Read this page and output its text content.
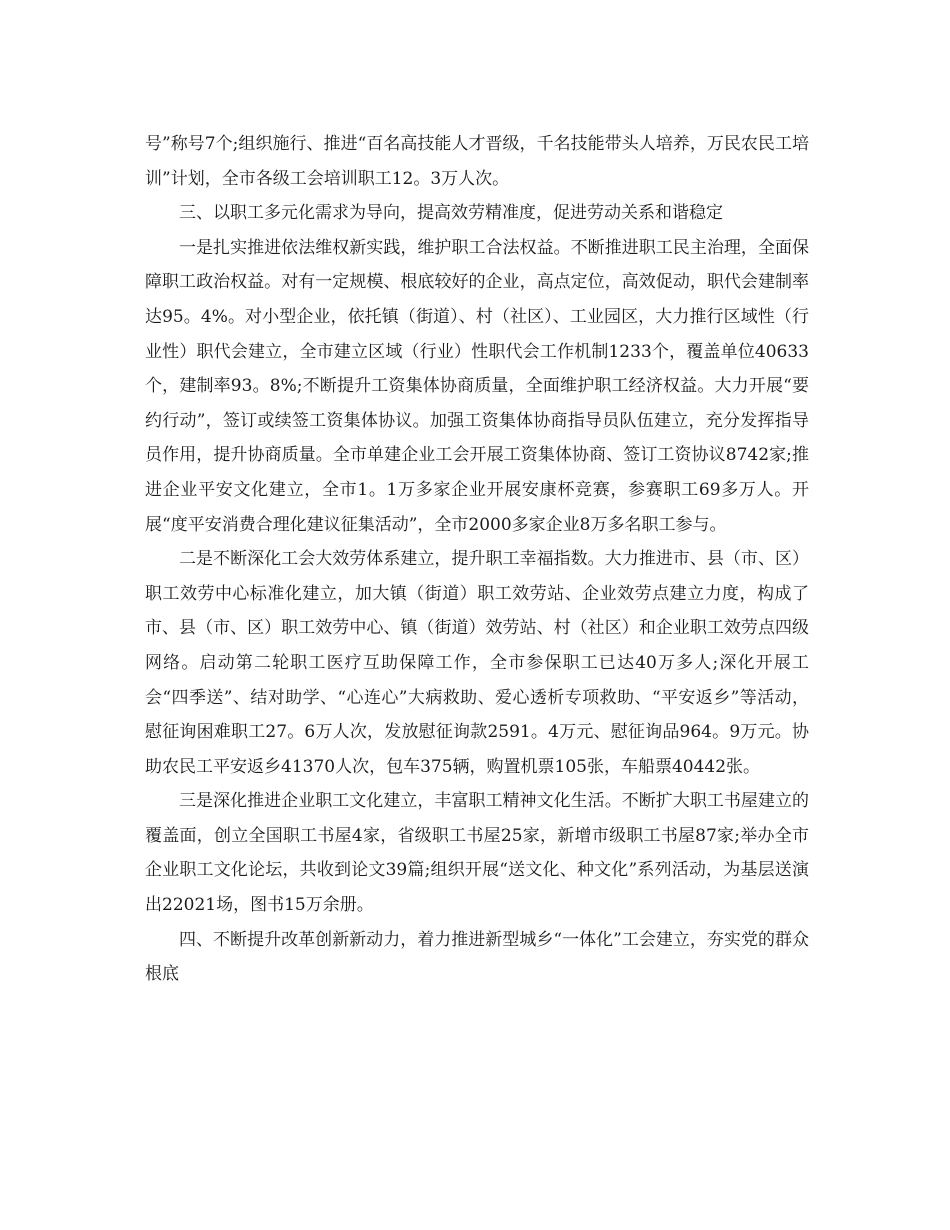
号”称号7个;组织施行、推进“百名高技能人才晋级，千名技能带头人培养，万民农民工培训”计划，全市各级工会培训职工12。3万人次。

三、以职工多元化需求为导向，提高效劳精准度，促进劳动关系和谐稳定

一是扎实推进依法维权新实践，维护职工合法权益。不断推进职工民主治理，全面保障职工政治权益。对有一定规模、根底较好的企业，高点定位，高效促动，职代会建制率达95。4%。对小型企业，依托镇（街道）、村（社区）、工业园区，大力推行区域性（行业性）职代会建立，全市建立区域（行业）性职代会工作机制1233个，覆盖单位40633个，建制率93。8%;不断提升工资集体协商质量，全面维护职工经济权益。大力开展“要约行动”，签订或续签工资集体协议。加强工资集体协商指导员队伍建立，充分发挥指导员作用，提升协商质量。全市单建企业工会开展工资集体协商、签订工资协议8742家;推进企业平安文化建立，全市1。1万多家企业开展安康杯竞赛，参赛职工69多万人。开展“度平安消费合理化建议征集活动”，全市2000多家企业8万多名职工参与。

二是不断深化工会大效劳体系建立，提升职工幸福指数。大力推进市、县（市、区）职工效劳中心标准化建立，加大镇（街道）职工效劳站、企业效劳点建立力度，构成了市、县（市、区）职工效劳中心、镇（街道）效劳站、村（社区）和企业职工效劳点四级网络。启动第二轮职工医疗互助保障工作，全市参保职工已达40万多人;深化开展工会“四季送”、结对助学、“心连心”大病救助、爱心透析专项救助、“平安返乡”等活动，慰征询困难职工27。6万人次，发放慰征询款2591。4万元、慰征询品964。9万元。协助农民工平安返乡41370人次，包车375辆，购置机票105张，车船票40442张。

三是深化推进企业职工文化建立，丰富职工精神文化生活。不断扩大职工书屋建立的覆盖面，创立全国职工书屋4家，省级职工书屋25家，新增市级职工书屋87家;举办全市企业职工文化论坛，共收到论文39篇;组织开展“送文化、种文化”系列活动，为基层送演出22021场，图书15万余册。

四、不断提升改革创新新动力，着力推进新型城乡“一体化”工会建立，夯实党的群众根底
